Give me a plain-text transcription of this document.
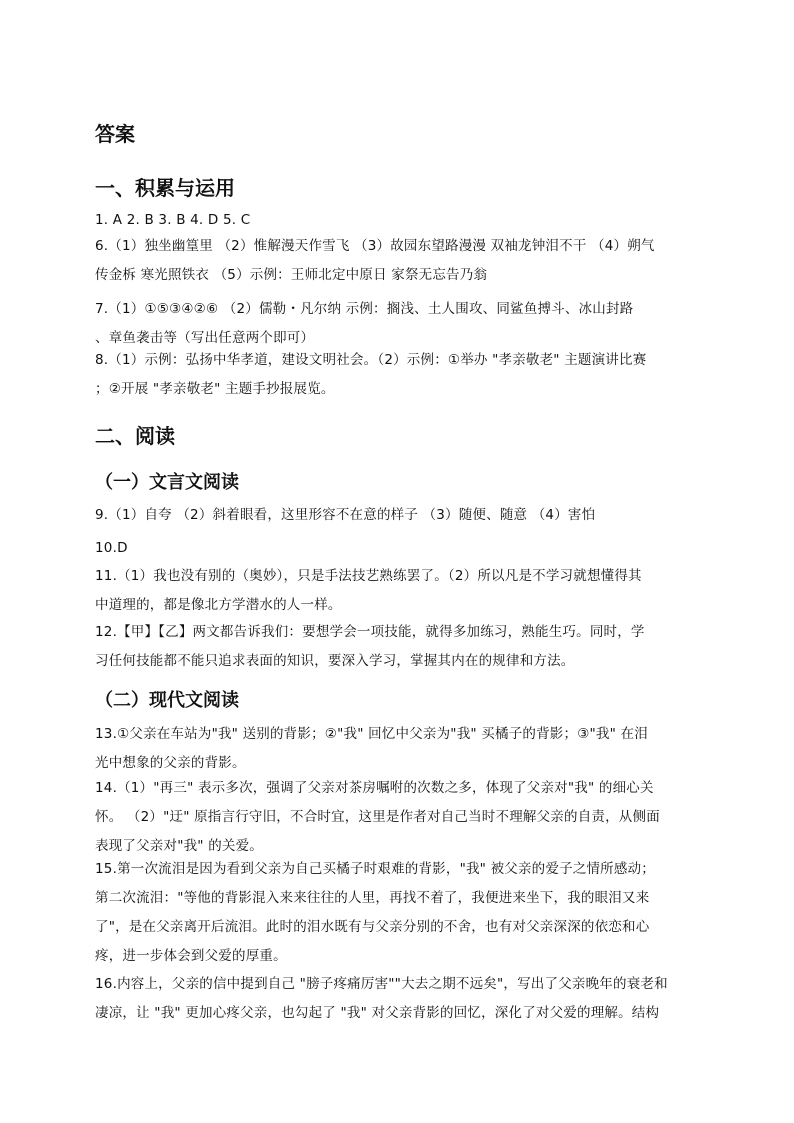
答案
一、积累与运用
1. A 2. B 3. B 4. D 5. C
6.（1）独坐幽篁里 （2）惟解漫天作雪飞 （3）故园东望路漫漫 双袖龙钟泪不干 （4）朔气
传金柝 寒光照铁衣 （5）示例：王师北定中原日 家祭无忘告乃翁
7.（1）①⑤③④②⑥ （2）儒勒・凡尔纳 示例：搁浅、土人围攻、同鲨鱼搏斗、冰山封路
、章鱼袭击等（写出任意两个即可）
8.（1）示例：弘扬中华孝道，建设文明社会。（2）示例：①举办 "孝亲敬老" 主题演讲比赛
；②开展 "孝亲敬老" 主题手抄报展览。
二、阅读
（一）文言文阅读
9.（1）自夸 （2）斜着眼看，这里形容不在意的样子 （3）随便、随意 （4）害怕
10.D
11.（1）我也没有别的（奥妙），只是手法技艺熟练罢了。（2）所以凡是不学习就想懂得其
中道理的，都是像北方学潜水的人一样。
12.【甲】【乙】两文都告诉我们：要想学会一项技能，就得多加练习，熟能生巧。同时，学
习任何技能都不能只追求表面的知识，要深入学习，掌握其内在的规律和方法。
（二）现代文阅读
13.①父亲在车站为"我" 送别的背影；②"我" 回忆中父亲为"我" 买橘子的背影；③"我" 在泪
光中想象的父亲的背影。
14.（1）"再三" 表示多次，强调了父亲对茶房嘱咐的次数之多，体现了父亲对"我" 的细心关
怀。 （2）"迂" 原指言行守旧，不合时宜，这里是作者对自己当时不理解父亲的自责，从侧面
表现了父亲对"我" 的关爱。
15.第一次流泪是因为看到父亲为自己买橘子时艰难的背影，"我" 被父亲的爱子之情所感动；
第二次流泪："等他的背影混入来来往往的人里，再找不着了，我便进来坐下，我的眼泪又来
了"，是在父亲离开后流泪。此时的泪水既有与父亲分别的不舍，也有对父亲深深的依恋和心
疼，进一步体会到父爱的厚重。
16.内容上，父亲的信中提到自己 "膀子疼痛厉害""大去之期不远矣"，写出了父亲晚年的衰老和
凄凉，让 "我" 更加心疼父亲，也勾起了 "我" 对父亲背影的回忆，深化了对父爱的理解。结构
